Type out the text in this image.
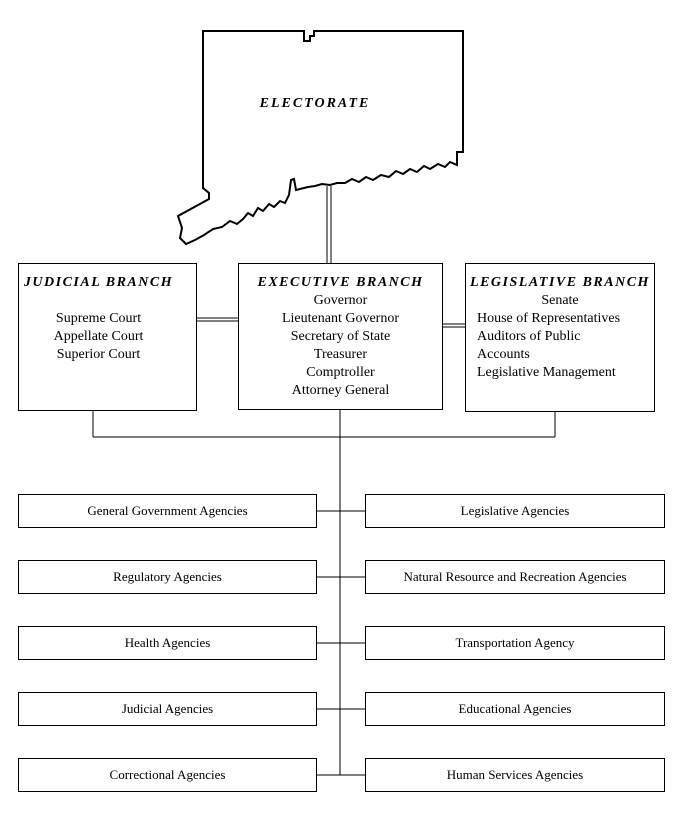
ELECTORATE
JUDICIAL BRANCH
Supreme Court
Appellate Court
Superior Court
EXECUTIVE BRANCH
Governor
Lieutenant Governor
Secretary of State
Treasurer
Comptroller
Attorney General
LEGISLATIVE BRANCH
Senate
House of Representatives
Auditors of Public
Accounts
Legislative Management
General Government Agencies
Regulatory Agencies
Health Agencies
Judicial Agencies
Correctional Agencies
Legislative Agencies
Natural Resource and Recreation Agencies
Transportation Agency
Educational Agencies
Human Services Agencies
